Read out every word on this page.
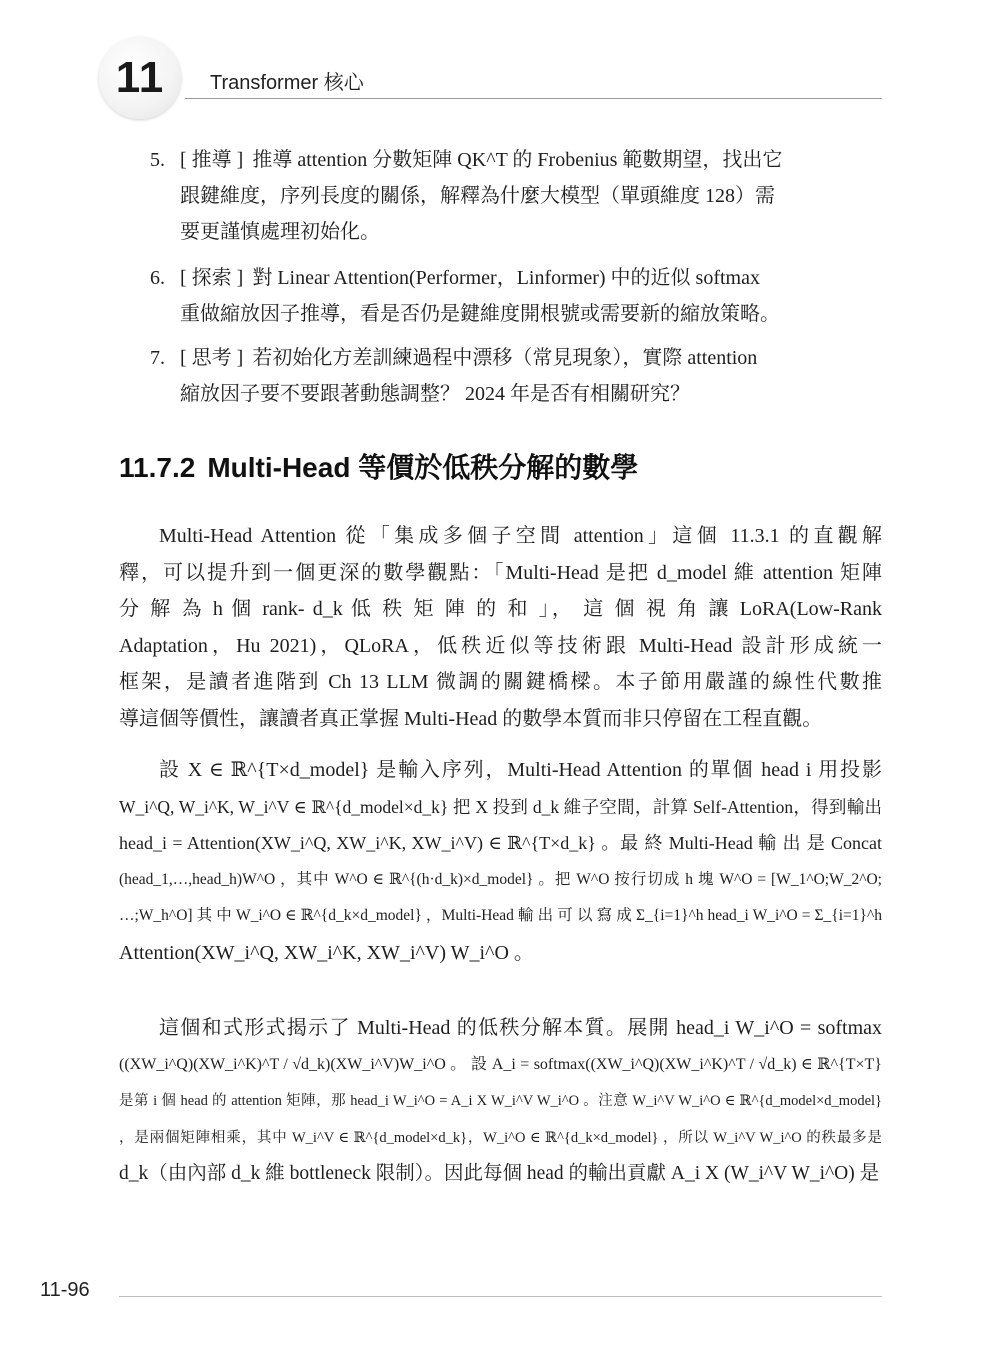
11 Transformer 核心
5. [ 推導 ] 推導 attention 分數矩陣 QK^T 的 Frobenius 範數期望，找出它
跟鍵維度，序列長度的關係，解釋為什麼大模型（單頭維度 128）需
要更謹慎處理初始化。
6. [ 探索 ] 對 Linear Attention(Performer，Linformer) 中的近似 softmax
重做縮放因子推導，看是否仍是鍵維度開根號或需要新的縮放策略。
7. [ 思考 ] 若初始化方差訓練過程中漂移（常見現象），實際 attention
縮放因子要不要跟著動態調整？ 2024 年是否有相關研究？
11.7.2 Multi-Head 等價於低秩分解的數學
Multi-Head Attention 從「集成多個子空間 attention」這個 11.3.1 的直觀解
釋，可以提升到一個更深的數學觀點：「Multi-Head 是把 d_model 維 attention 矩陣
分 解 為 h 個 rank- d_k 低 秩 矩 陣 的 和 」， 這 個 視 角 讓 LoRA(Low-Rank
Adaptation，Hu 2021)，QLoRA，低秩近似等技術跟 Multi-Head 設計形成統一
框架，是讀者進階到 Ch 13 LLM 微調的關鍵橋樑。本子節用嚴謹的線性代數推
導這個等價性，讓讀者真正掌握 Multi-Head 的數學本質而非只停留在工程直觀。
設 X ∈ ℝ^{T×d_model} 是輸入序列，Multi-Head Attention 的單個 head i 用投影
W_i^Q, W_i^K, W_i^V ∈ ℝ^{d_model×d_k} 把 X 投到 d_k 維子空間，計算 Self-Attention，得到輸出
head_i = Attention(XW_i^Q, XW_i^K, XW_i^V) ∈ ℝ^{T×d_k} 。最 終 Multi-Head 輸 出 是 Concat
(head_1,…,head_h)W^O ，其中 W^O ∈ ℝ^{(h·d_k)×d_model} 。把 W^O 按行切成 h 塊 W^O = [W_1^O;W_2^O;
…;W_h^O] 其 中 W_i^O ∈ ℝ^{d_k×d_model} ，Multi-Head 輸 出 可 以 寫 成 Σ_{i=1}^h head_i W_i^O = Σ_{i=1}^h
Attention(XW_i^Q, XW_i^K, XW_i^V) W_i^O 。
這個和式形式揭示了 Multi-Head 的低秩分解本質。展開 head_i W_i^O = softmax
((XW_i^Q)(XW_i^K)^T / √d_k)(XW_i^V)W_i^O 。 設 A_i = softmax((XW_i^Q)(XW_i^K)^T / √d_k) ∈ ℝ^{T×T}
是第 i 個 head 的 attention 矩陣，那 head_i W_i^O = A_i X W_i^V W_i^O 。注意 W_i^V W_i^O ∈ ℝ^{d_model×d_model}
，是兩個矩陣相乘，其中 W_i^V ∈ ℝ^{d_model×d_k}，W_i^O ∈ ℝ^{d_k×d_model} ，所以 W_i^V W_i^O 的秩最多是
d_k（由內部 d_k 維 bottleneck 限制）。因此每個 head 的輸出貢獻 A_i X (W_i^V W_i^O) 是
11-96
